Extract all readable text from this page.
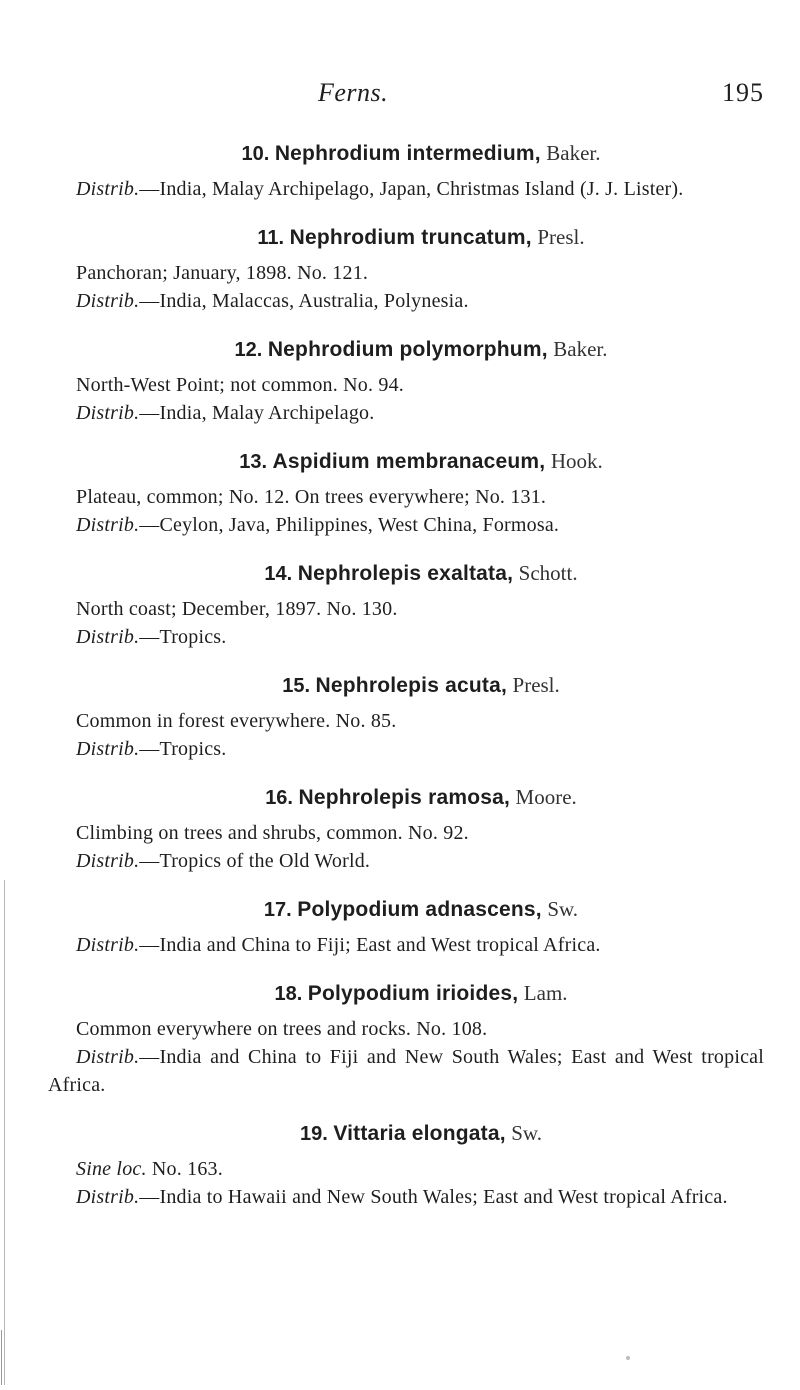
Ferns.	195
10. Nephrodium intermedium, Baker.
Distrib.—India, Malay Archipelago, Japan, Christmas Island (J. J. Lister).
11. Nephrodium truncatum, Presl.
Panchoran; January, 1898. No. 121.
Distrib.—India, Malaccas, Australia, Polynesia.
12. Nephrodium polymorphum, Baker.
North-West Point; not common. No. 94.
Distrib.—India, Malay Archipelago.
13. Aspidium membranaceum, Hook.
Plateau, common; No. 12. On trees everywhere; No. 131.
Distrib.—Ceylon, Java, Philippines, West China, Formosa.
14. Nephrolepis exaltata, Schott.
North coast; December, 1897. No. 130.
Distrib.—Tropics.
15. Nephrolepis acuta, Presl.
Common in forest everywhere. No. 85.
Distrib.—Tropics.
16. Nephrolepis ramosa, Moore.
Climbing on trees and shrubs, common. No. 92.
Distrib.—Tropics of the Old World.
17. Polypodium adnascens, Sw.
Distrib.—India and China to Fiji; East and West tropical Africa.
18. Polypodium irioides, Lam.
Common everywhere on trees and rocks. No. 108.
Distrib.—India and China to Fiji and New South Wales; East and West tropical Africa.
19. Vittaria elongata, Sw.
Sine loc. No. 163.
Distrib.—India to Hawaii and New South Wales; East and West tropical Africa.
